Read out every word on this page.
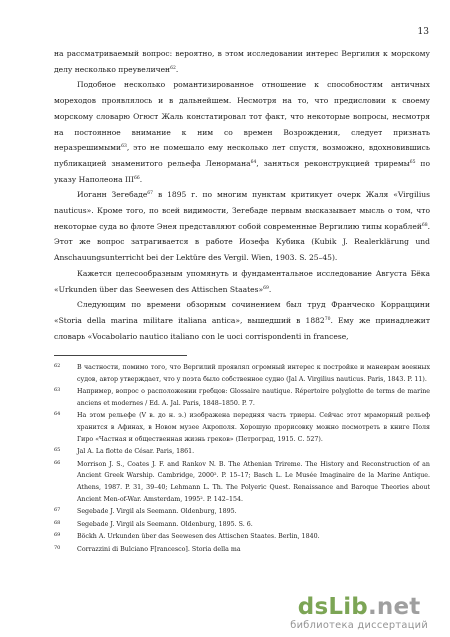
13

на рассматриваемый вопрос: вероятно, в этом исследовании интерес Вергилия к морскому делу несколько преувеличен$^{62}$.

Подобное несколько романтизированное отношение к способностям античных мореходов проявлялось и в дальнейшем. Несмотря на то, что предисловии к своему морскому словарю Огюст Жаль констатировал тот факт, что некоторые вопросы, несмотря на постоянное внимание к ним со времен Возрождения, следует признать неразрешимыми$^{63}$, это не помешало ему несколько лет спустя, возможно, вдохновившись публикацией знаменитого рельефа Ленормана$^{64}$, заняться реконструкцией триремы$^{65}$ по указу Наполеона III$^{66}$.

Иоганн Зегебаде$^{67}$ в 1895 г. по многим пунктам критикует очерк Жаля «Virgilius nauticus». Кроме того, по всей видимости, Зегебаде первым высказывает мысль о том, что некоторые суда во флоте Энея представляют собой современные Вергилию типы кораблей$^{68}$. Этот же вопрос затрагивается в работе Иозефа Кубика (Kubik J. Realerklärung und Anschauungsunterricht bei der Lektüre des Vergil. Wien, 1903. S. 25–45).

Кажется целесообразным упомянуть и фундаментальное исследование Августа Бёка «Urkunden über das Seewesen des Attischen Staates»$^{69}$.

Следующим по времени обзорным сочинением был труд Франческо Корраццини «Storia della marina militare italiana antica», вышедший в 1882$^{70}$. Ему же принадлежит словарь «Vocabolario nautico italiano con le uoci corrispondenti in francese,

62	В частности, помимо того, что Вергилий проявлял огромный интерес к постройке и маневрам военных судов, автор утверждает, что у поэта было собственное судно (Jal A. Virgilius nauticus. Paris, 1843. P. 11).
63	Например, вопрос о расположении гребцов: Glossaire nautique. Répertoire polyglotte de terms de marine anciens et modernes / Ed. A. Jal. Paris, 1848–1850. P. 7.
64	На этом рельефе (V в. до н. э.) изображена передняя часть триеры. Сейчас этот мраморный рельеф хранится в Афинах, в Новом музее Акрополя. Хорошую прорисовку можно посмотреть в книге Поля Гиро «Частная и общественная жизнь греков» (Петроград, 1915. С. 527).
65	Jal A. La flotte de César. Paris, 1861.
66	Morrison J. S., Coates J. F. and Rankov N. B. The Athenian Trireme. The History and Reconstruction of an Ancient Greek Warship. Cambridge, 2000². P. 15–17; Basch L. Le Musée Imaginaire de la Marine Antique. Athens, 1987. P. 31, 39–40; Lehmann L. Th. The Polyeric Quest. Renaissance and Baroque Theories about Ancient Men-of-War. Amsterdam, 1995². P. 142–154.
67	Segebade J. Virgil als Seemann. Oldenburg, 1895.
68	Segebade J. Virgil als Seemann. Oldenburg, 1895. S. 6.
69	Böckh A. Urkunden über das Seewesen des Attischen Staates. Berlin, 1840.
70	Corrazzini di Bulciano F[rancesco]. Storia della ma
dsLib.net
библиотека диссертаций
